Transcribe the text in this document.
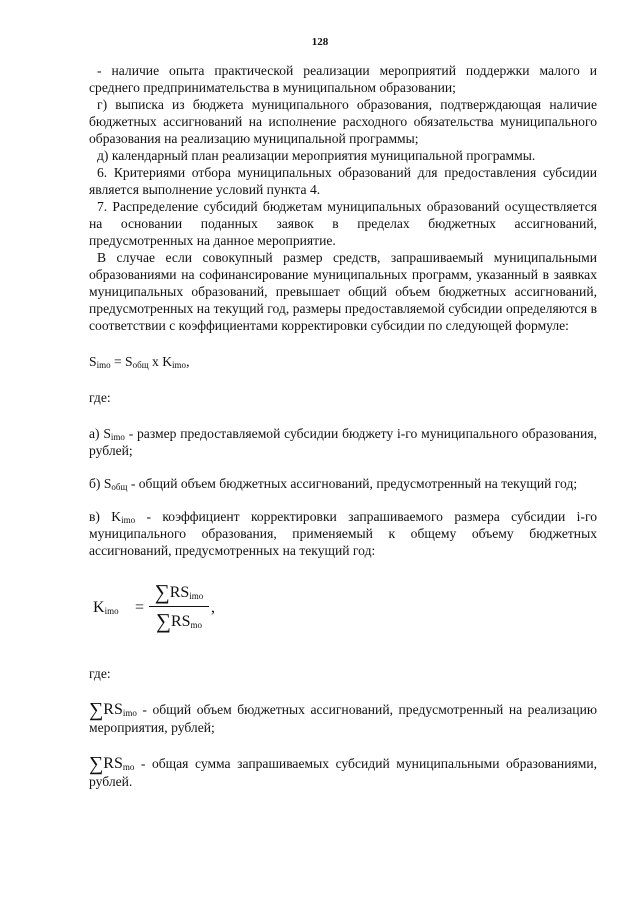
128

- наличие опыта практической реализации мероприятий поддержки малого и среднего предпринимательства в муниципальном образовании;

г) выписка из бюджета муниципального образования, подтверждающая наличие бюджетных ассигнований на исполнение расходного обязательства муниципального образования на реализацию муниципальной программы;

д) календарный план реализации мероприятия муниципальной программы.

6. Критериями отбора муниципальных образований для предоставления субсидии является выполнение условий пункта 4.

7. Распределение субсидий бюджетам муниципальных образований осуществляется на основании поданных заявок в пределах бюджетных ассигнований, предусмотренных на данное мероприятие.

В случае если совокупный размер средств, запрашиваемый муниципальными образованиями на софинансирование муниципальных программ, указанный в заявках муниципальных образований, превышает общий объем бюджетных ассигнований, предусмотренных на текущий год, размеры предоставляемой субсидии определяются в соответствии с коэффициентами корректировки субсидии по следующей формуле:

$S_{imo} = S_{общ}$ x $K_{imo}$,

где:

а) $S_{imo}$ - размер предоставляемой субсидии бюджету i-го муниципального образования, рублей;

б) $S_{общ}$ - общий объем бюджетных ассигнований, предусмотренный на текущий год;

в) $K_{imo}$ - коэффициент корректировки запрашиваемого размера субсидии i-го муниципального образования, применяемый к общему объему бюджетных ассигнований, предусмотренных на текущий год:

$K_{imo}$ =
$\sum RS_{imo}$
$\sum RS_{mo}$
,

где:

$\sum RS_{imo}$ - общий объем бюджетных ассигнований, предусмотренный на реализацию мероприятия, рублей;

$\sum RS_{mo}$ - общая сумма запрашиваемых субсидий муниципальными образованиями, рублей.
